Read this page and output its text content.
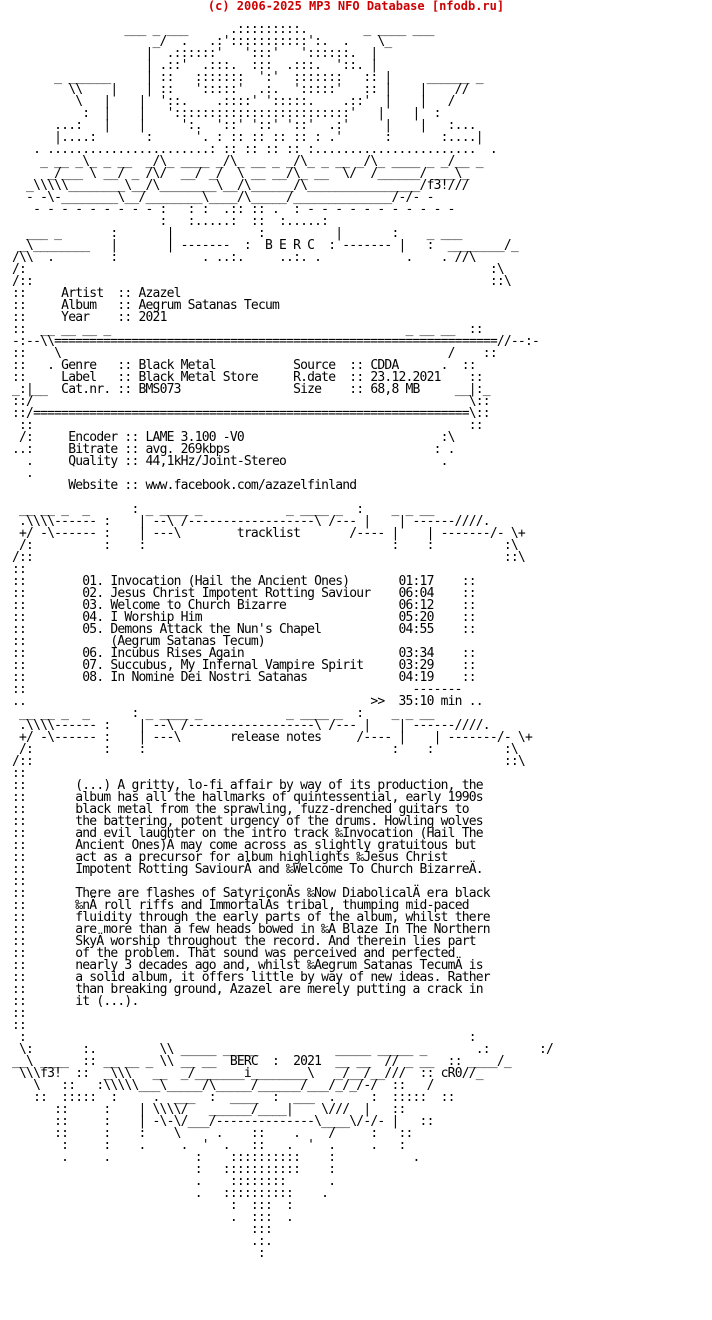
(c) 2006-2025 MP3 NFO Database [nfodb.ru]
___ _ ___      .:::::::::.        _ ____ ___
_/  .   .:':::::::::::':.  .    \_
|  .::::::'   ':::'   '::::::.  |
| .::'  .:::.  :::  .:::.  '::. |
_ ______     | ::   :::::::  ':'  :::::::   :: |     ______ _
\\    |    | ::   ':::::'  .:.  ':::::'   :: |    |    //
\   |    |  '::.    .::::' ':::::.    .::'  |    |   /
:  |    |   ':::::::::::::::::::::::::'   |    |  :
...:   |    |     ':.  '::' '::' '::'  .:'     |    |   :...
|....:       :      '. : :: :: :: :: : .'      :       :....|
. .......................: :: :: :: :: :.......................  .
_ __ _\_ _ __  _/\_ ____ _/\_ __ _ _/\_ _ __ _/\_ ____ _ _/__ _
_/___ \ __/ _ /\/  __/ _/  \ __ __/\_ __  \/  /______/ ___\_
_\\\\\________\__/\________\__/\______/\________________/f3!///
- -\-________\__/________\____/\_____/______________/-/- -
- - - - - - - - - :   : :  .:: :: .  : - - - - - - - - - - -
:   :.....:  ::  :.....:
___ _       :       |            :          |       :    _ ___
_\________   |       | -------  :  B E R C  : ------- |   :  ________/_
/\\  .        :            . ..:.     ..:. .            .    . //\
/:                                                                  :\
/::                                                                 ::\
::     Artist  :: Azazel
::     Album   :: Aegrum Satanas Tecum
::     Year    :: 2021
::  __ __ __ _                                          _ __ __  ::
-:--\\===============================================================//--:-
::    \                                                       /    ::
::   . Genre   :: Black Metal           Source  :: CDDA	.  ::
::     Label   :: Black Metal Store     R.date  :: 23.12.2021    ::
_:|__  Cat.nr. :: BMS073                Size    :: 68,8 MB	__|:_
::/                                                              \::
::/==============================================================\::
::                                                              ::
/:     Encoder :: LAME 3.100 -V0	:\
..:     Bitrate :: avg. 269kbps	: .
.     Quality :: 44,1kHz/Joint-Stereo	.
.
Website :: www.facebook.com/azazelfinland

__ __ _  _      : _ ____ _            _ ____ _  :    _ _ __
.\\\\------ :    | --\ /------------------\ /--- |    | ------////.
+/ -\------ :    | ---\        tracklist	/---- |    | -------/- \+
/:          :    :                                   :    :          :\
/::                                                                   ::\
::
::        01. Invocation (Hail the Ancient Ones)       01:17    ::
::        02. Jesus Christ Impotent Rotting Saviour    06:04    ::
::        03. Welcome to Church Bizarre                06:12    ::
::        04. I Worship Him                            05:20    ::
::        05. Demons Attack the Nun's Chapel           04:55    ::
::            (Aegrum Satanas Tecum)
::        06. Incubus Rises Again                      03:34    ::
::        07. Succubus, My Infernal Vampire Spirit     03:29    ::
::        08. In Nomine Dei Nostri Satanas             04:19    ::
::                                                       -------
..                                                 >>  35:10 min ..
__ __ _  _      : _ ____ _            _ ____ _  :    _ _ __
.\\\\------ :    | --\ /------------------\ /--- |    | ------////.
+/ -\------ :    | ---\       release notes	/---- |    | -------/- \+
/:          :    :                                   :    :          :\
/::                                                                   ::\
::
::       (...) A gritty, lo-fi affair by way of its production, the
::       album has all the hallmarks of quintessential, early 1990s
::       black metal from the sprawling, fuzz-drenched guitars to
::       the battering, potent urgency of the drums. Howling wolves
::       and evil laughter on the intro track ‰Invocation (Hail The
::       Ancient Ones)Ä may come across as slightly gratuitous but
::       act as a precursor for album highlights ‰Jesus Christ
::       Impotent Rotting SaviourÄ and ‰Welcome To Church BizarreÄ.
::
::       There are flashes of SatyriconÄs ‰Now DiabolicalÄ era black
::       ‰nÄ roll riffs and ImmortalÄs tribal, thumping mid-paced
::       fluidity through the early parts of the album, whilst there
::       are more than a few heads bowed in ‰A Blaze In The Northern
::       SkyÄ worship throughout the record. And therein lies part
::       of the problem. That sound was perceived and perfected
::       nearly 3 decades ago and, whilst ‰Aegrum Satanas TecumÄ is
::       a solid album, it offers little by way of new ideas. Rather
::       than breaking ground, Azazel are merely putting a crack in
::       it (...).
::
::
:                                                               :
\:       :.         \\ _____ _____           _____ _____ _       .:       :/
__\ ____  :: __ __ _ \\ __ __  BERC  :  2021  __ __  // _ __  :: ____/_
\\\f3!  ::  _\\\   __  _/_______i________\   _/__/__///  :: cR0//_
\   ::   :\\\\\___\_____/\_____/______/___/_/_/-/  ::   /
::  :::::  :     .  ___  :  ____  :  ___  .     :  :::::  ::
::     :    | \\\\/   ______/____|    \///  |   ::
::     :    | -\-\/___/--------------\____\/-/- |   ::
::     :    :    \     .    ::    .    /     :   ::
:     :    .     .  '  .   ::   .  '  .     .   :
.     .            :    ::::::::::    :           .
:   :::::::::::    :
.    ::::::::      .
.   ::::::::::    .
:  :::  :
.  :::  .
:::
.:.
:
